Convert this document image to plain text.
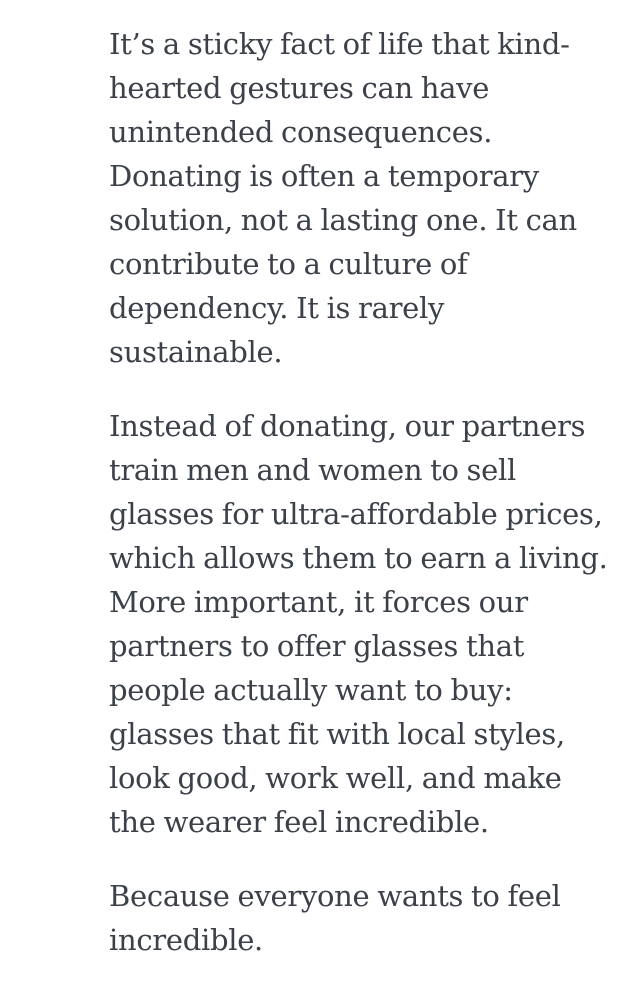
It’s a sticky fact of life that kind-
hearted gestures can have
unintended consequences.
Donating is often a temporary
solution, not a lasting one. It can
contribute to a culture of
dependency. It is rarely
sustainable.

Instead of donating, our partners
train men and women to sell
glasses for ultra-affordable prices,
which allows them to earn a living.
More important, it forces our
partners to offer glasses that
people actually want to buy:
glasses that fit with local styles,
look good, work well, and make
the wearer feel incredible.

Because everyone wants to feel
incredible.
